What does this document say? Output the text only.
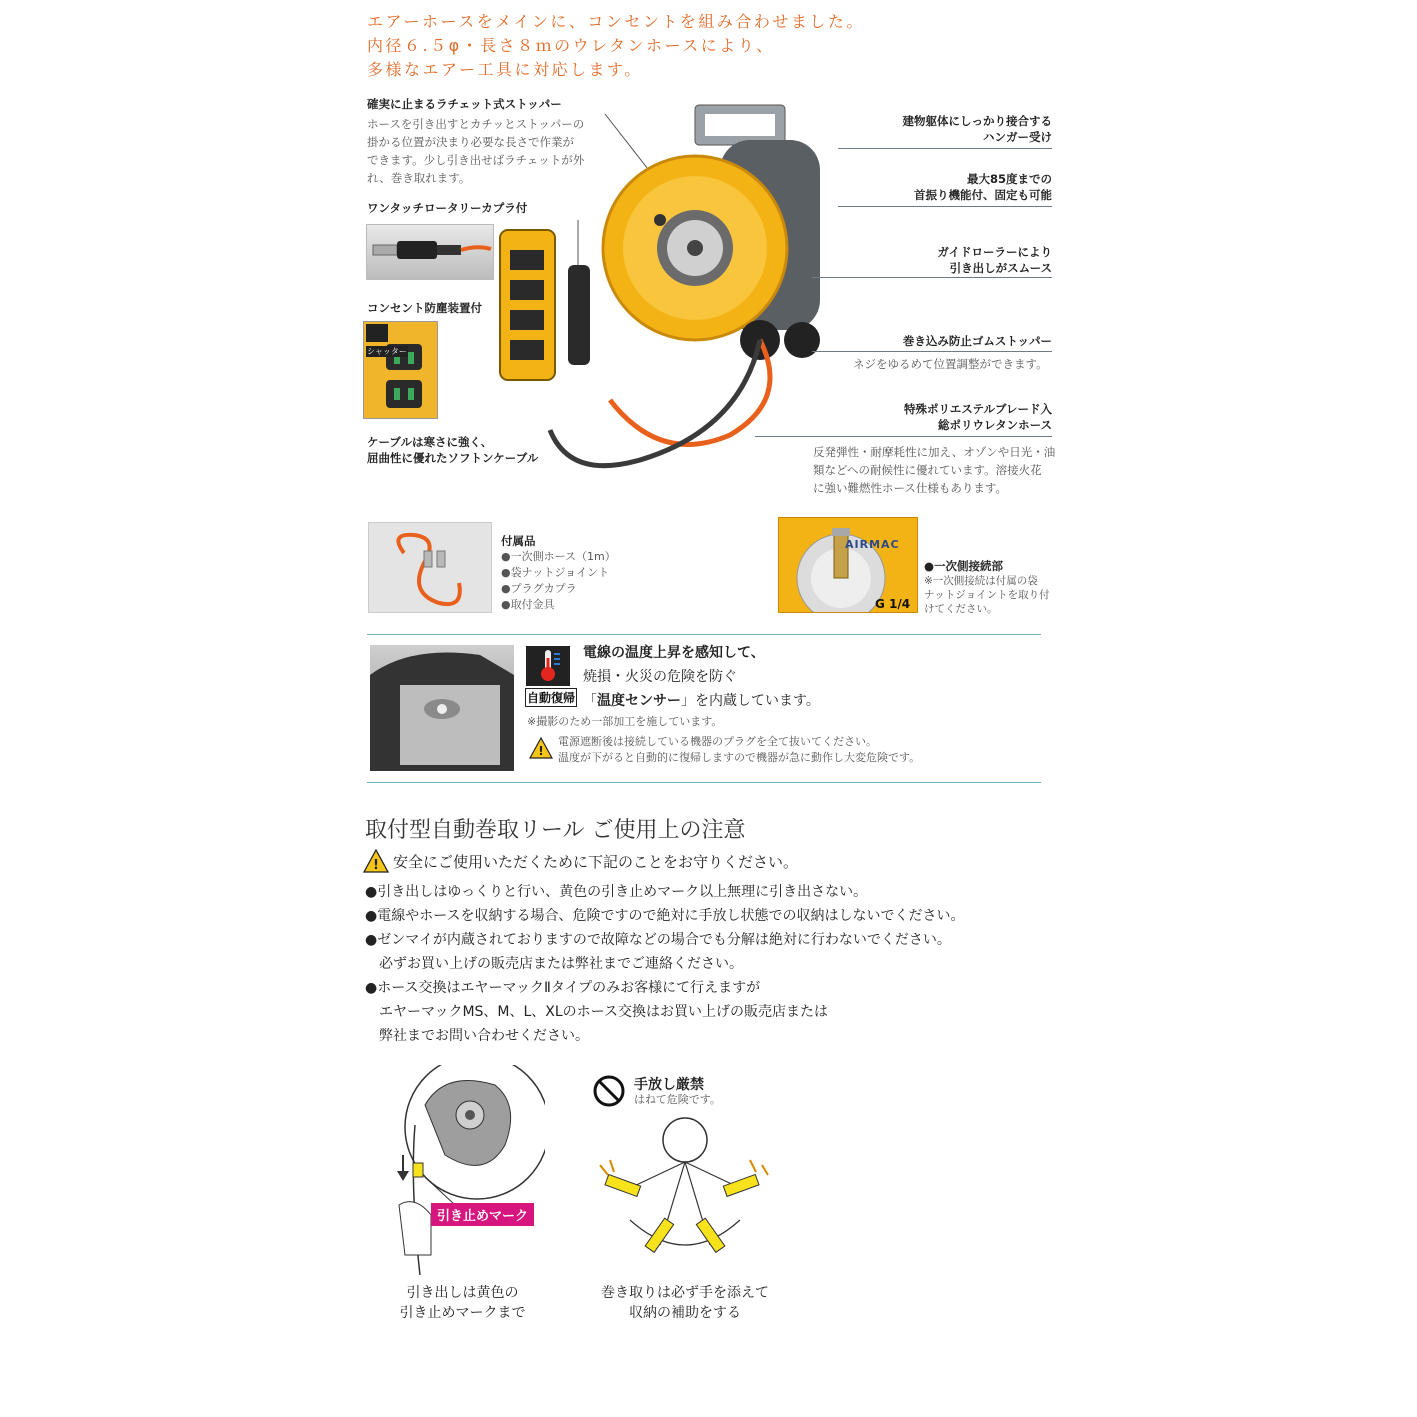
エアーホースをメインに、コンセントを組み合わせました。
内径６.５φ・長さ８ｍのウレタンホースにより、
多様なエアー工具に対応します。
確実に止まるラチェット式ストッパー
ホースを引き出すとカチッとストッパーの
掛かる位置が決まり必要な長さで作業が
できます。少し引き出せばラチェットが外
れ、巻き取れます。
ワンタッチロータリーカプラ付
コンセント防塵装置付
シャッター
ケーブルは寒さに強く、
屈曲性に優れたソフトンケーブル
建物躯体にしっかり接合する
ハンガー受け
最大85度までの
首振り機能付、固定も可能
ガイドローラーにより
引き出しがスムース
巻き込み防止ゴムストッパー
ネジをゆるめて位置調整ができます。
特殊ポリエステルブレード入
総ポリウレタンホース
反発弾性・耐摩耗性に加え、オゾンや日光・油
類などへの耐候性に優れています。溶接火花
に強い難燃性ホース仕様もあります。
付属品
●一次側ホース（1m）
●袋ナットジョイント
●プラグカプラ
●取付金具
AIRMAC
G 1/4
●一次側接続部
※一次側接続は付属の袋
ナットジョイントを取り付
けてください。
自動復帰
電線の温度上昇を感知して、
焼損・火災の危険を防ぐ
「温度センサー」を内蔵しています。
※撮影のため一部加工を施しています。
!
電源遮断後は接続している機器のプラグを全て抜いてください。
温度が下がると自動的に復帰しますので機器が急に動作し大変危険です。
取付型自動巻取リール ご使用上の注意
! 安全にご使用いただくために下記のことをお守りください。
●引き出しはゆっくりと行い、黄色の引き止めマーク以上無理に引き出さない。
●電線やホースを収納する場合、危険ですので絶対に手放し状態での収納はしないでください。
●ゼンマイが内蔵されておりますので故障などの場合でも分解は絶対に行わないでください。
　必ずお買い上げの販売店または弊社までご連絡ください。
●ホース交換はエヤーマックⅡタイプのみお客様にて行えますが
　エヤーマックMS、M、L、XLのホース交換はお買い上げの販売店または
　弊社までお問い合わせください。
引き止めマーク
引き出しは黄色の
引き止めマークまで
手放し厳禁
はねて危険です。
巻き取りは必ず手を添えて
収納の補助をする
